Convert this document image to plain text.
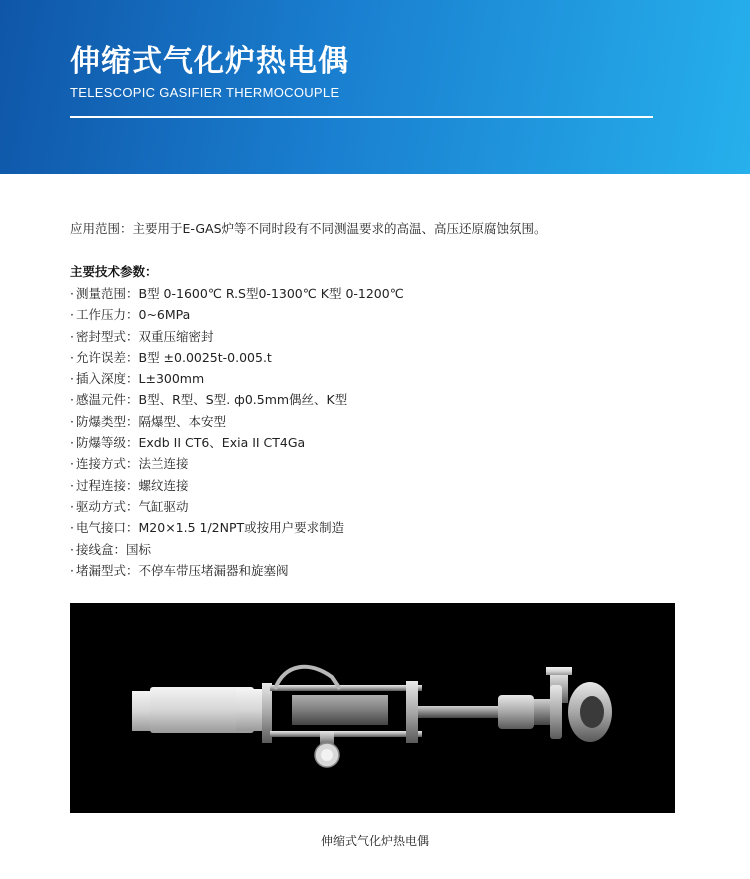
伸缩式气化炉热电偶
TELESCOPIC GASIFIER THERMOCOUPLE
应用范围：主要用于E-GAS炉等不同时段有不同测温要求的高温、高压还原腐蚀氛围。
主要技术参数：
· 测量范围：B型 0-1600℃ R.S型0-1300℃ K型 0-1200℃
· 工作压力：0~6MPa
· 密封型式：双重压缩密封
· 允许误差：B型 ±0.0025t-0.005.t
· 插入深度：L±300mm
· 感温元件：B型、R型、S型. ф0.5mm偶丝、K型
· 防爆类型：隔爆型、本安型
· 防爆等级：Exdb II CT6、Exia II CT4Ga
· 连接方式：法兰连接
· 过程连接：螺纹连接
· 驱动方式：气缸驱动
· 电气接口：M20×1.5 1/2NPT或按用户要求制造
· 接线盒：国标
· 堵漏型式：不停车带压堵漏器和旋塞阀
伸缩式气化炉热电偶
